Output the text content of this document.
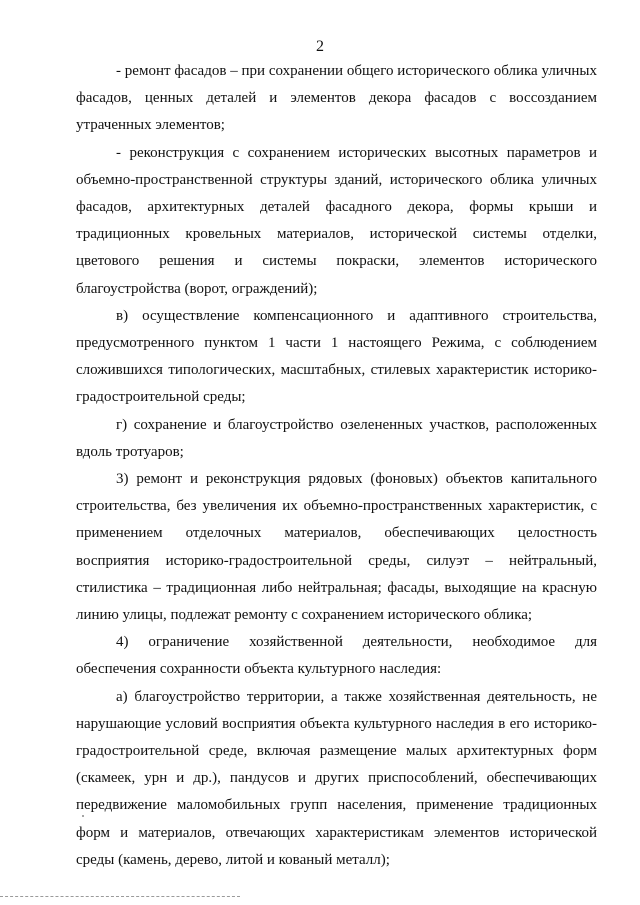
2

- ремонт фасадов – при сохранении общего исторического облика уличных фасадов, ценных деталей и элементов декора фасадов с воссозданием утраченных элементов;

- реконструкция с сохранением исторических высотных параметров и объемно-пространственной структуры зданий, исторического облика уличных фасадов, архитектурных деталей фасадного декора, формы крыши и традиционных кровельных материалов, исторической системы отделки, цветового решения и системы покраски, элементов исторического благоустройства (ворот, ограждений);

в) осуществление компенсационного и адаптивного строительства, предусмотренного пунктом 1 части 1 настоящего Режима, с соблюдением сложившихся типологических, масштабных, стилевых характеристик историко-градостроительной среды;

г) сохранение и благоустройство озелененных участков, расположенных вдоль тротуаров;

3) ремонт и реконструкция рядовых (фоновых) объектов капитального строительства, без увеличения их объемно-пространственных характеристик, с применением отделочных материалов, обеспечивающих целостность восприятия историко-градостроительной среды, силуэт – нейтральный, стилистика – традиционная либо нейтральная; фасады, выходящие на красную линию улицы, подлежат ремонту с сохранением исторического облика;

4) ограничение хозяйственной деятельности, необходимое для обеспечения сохранности объекта культурного наследия:

а) благоустройство территории, а также хозяйственная деятельность, не нарушающие условий восприятия объекта культурного наследия в его историко-градостроительной среде, включая размещение малых архитектурных форм (скамеек, урн и др.), пандусов и других приспособлений, обеспечивающих передвижение маломобильных групп населения, применение традиционных форм и материалов, отвечающих характеристикам элементов исторической среды (камень, дерево, литой и кованый металл);
